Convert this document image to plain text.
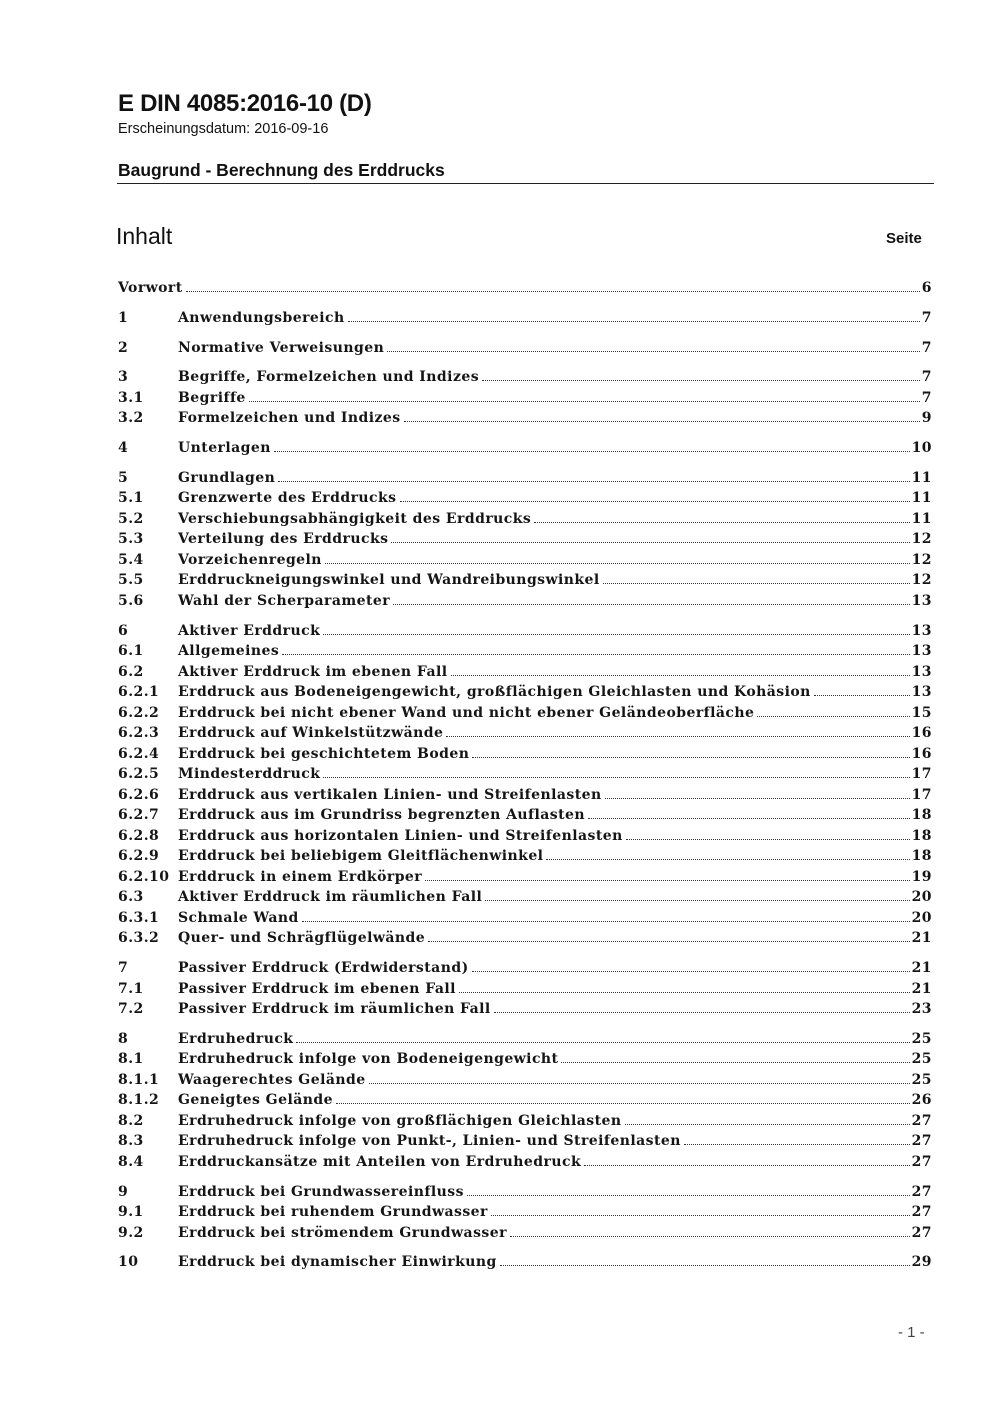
E DIN 4085:2016-10 (D)
Erscheinungsdatum: 2016-09-16
Baugrund - Berechnung des Erddrucks
Inhalt	Seite
Vorwort	6
1	Anwendungsbereich	7
2	Normative Verweisungen	7
3	Begriffe, Formelzeichen und Indizes	7
3.1	Begriffe	7
3.2	Formelzeichen und Indizes	9
4	Unterlagen	10
5	Grundlagen	11
5.1	Grenzwerte des Erddrucks	11
5.2	Verschiebungsabhängigkeit des Erddrucks	11
5.3	Verteilung des Erddrucks	12
5.4	Vorzeichenregeln	12
5.5	Erddruckneigungswinkel und Wandreibungswinkel	12
5.6	Wahl der Scherparameter	13
6	Aktiver Erddruck	13
6.1	Allgemeines	13
6.2	Aktiver Erddruck im ebenen Fall	13
6.2.1	Erddruck aus Bodeneigengewicht, großflächigen Gleichlasten und Kohäsion	13
6.2.2	Erddruck bei nicht ebener Wand und nicht ebener Geländeoberfläche	15
6.2.3	Erddruck auf Winkelstützwände	16
6.2.4	Erddruck bei geschichtetem Boden	16
6.2.5	Mindesterddruck	17
6.2.6	Erddruck aus vertikalen Linien- und Streifenlasten	17
6.2.7	Erddruck aus im Grundriss begrenzten Auflasten	18
6.2.8	Erddruck aus horizontalen Linien- und Streifenlasten	18
6.2.9	Erddruck bei beliebigem Gleitflächenwinkel	18
6.2.10 Erddruck in einem Erdkörper	19
6.3	Aktiver Erddruck im räumlichen Fall	20
6.3.1	Schmale Wand	20
6.3.2	Quer- und Schrägflügelwände	21
7	Passiver Erddruck (Erdwiderstand)	21
7.1	Passiver Erddruck im ebenen Fall	21
7.2	Passiver Erddruck im räumlichen Fall	23
8	Erdruhedruck	25
8.1	Erdruhedruck infolge von Bodeneigengewicht	25
8.1.1	Waagerechtes Gelände	25
8.1.2	Geneigtes Gelände	26
8.2	Erdruhedruck infolge von großflächigen Gleichlasten	27
8.3	Erdruhedruck infolge von Punkt-, Linien- und Streifenlasten	27
8.4	Erddruckansätze mit Anteilen von Erdruhedruck	27
9	Erddruck bei Grundwassereinfluss	27
9.1	Erddruck bei ruhendem Grundwasser	27
9.2	Erddruck bei strömendem Grundwasser	27
10	Erddruck bei dynamischer Einwirkung	29
- 1 -
